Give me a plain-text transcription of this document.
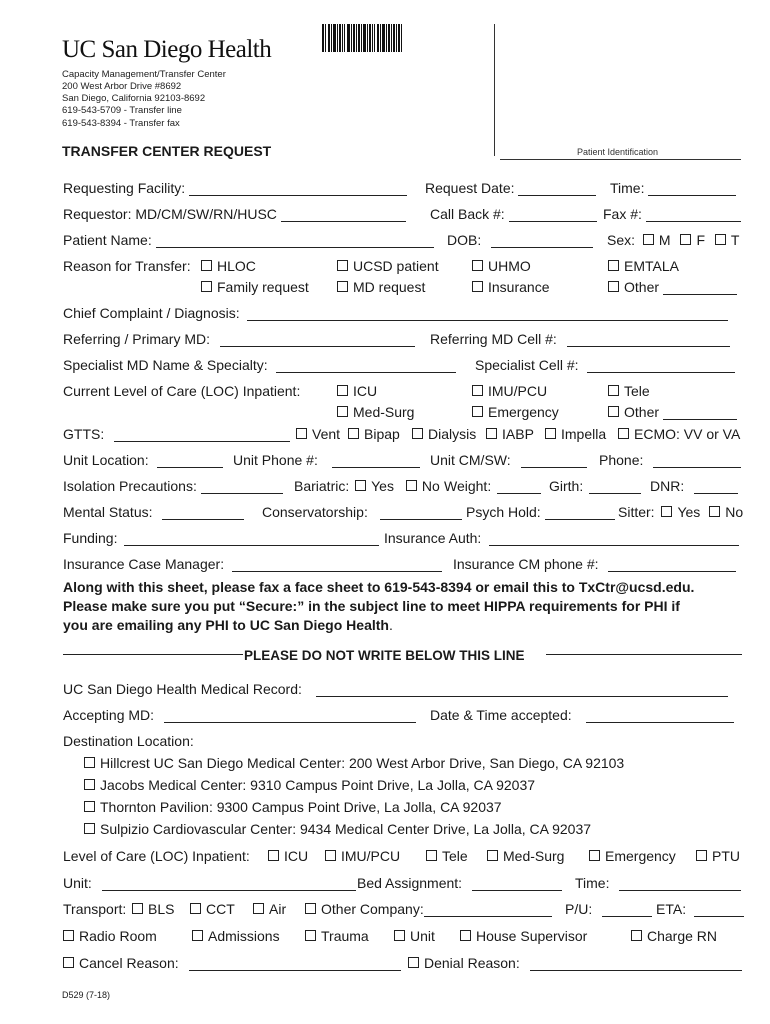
UC San Diego Health
Capacity Management/Transfer Center
200 West Arbor Drive #8692
San Diego, California 92103-8692
619-543-5709 - Transfer line
619-543-8394 - Transfer fax
TRANSFER CENTER REQUEST	Patient Identification
Requesting Facility:	Request Date:	Time:
Requestor: MD/CM/SW/RN/HUSC	Call Back #:	Fax #:
Patient Name:	DOB:	Sex: M F T
Reason for Transfer:	HLOC	UCSD patient	UHMO	EMTALA
Family request	MD request	Insurance	Other
Chief Complaint / Diagnosis:
Referring / Primary MD:	Referring MD Cell #:
Specialist MD Name & Specialty:	Specialist Cell #:
Current Level of Care (LOC) Inpatient:	ICU	IMU/PCU	Tele
Med-Surg	Emergency	Other
GTTS:	Vent	Bipap	Dialysis	IABP	Impella	ECMO: VV or VA
Unit Location:	Unit Phone #:	Unit CM/SW:	Phone:
Isolation Precautions:	Bariatric: Yes No Weight:	Girth:	DNR:
Mental Status:	Conservatorship:	Psych Hold:	Sitter: Yes No
Funding:	Insurance Auth:
Insurance Case Manager:	Insurance CM phone #:
Along with this sheet, please fax a face sheet to 619-543-8394 or email this to TxCtr@ucsd.edu.
Please make sure you put “Secure:” in the subject line to meet HIPPA requirements for PHI if
you are emailing any PHI to UC San Diego Health.
PLEASE DO NOT WRITE BELOW THIS LINE
UC San Diego Health Medical Record:
Accepting MD:	Date & Time accepted:
Destination Location:
Hillcrest UC San Diego Medical Center: 200 West Arbor Drive, San Diego, CA 92103
Jacobs Medical Center: 9310 Campus Point Drive, La Jolla, CA 92037
Thornton Pavilion: 9300 Campus Point Drive, La Jolla, CA 92037
Sulpizio Cardiovascular Center: 9434 Medical Center Drive, La Jolla, CA 92037
Level of Care (LOC) Inpatient:	ICU	IMU/PCU	Tele	Med-Surg	Emergency	PTU
Unit:	Bed Assignment:	Time:
Transport:	BLS	CCT	Air	Other Company:	P/U:	ETA:
Radio Room	Admissions	Trauma	Unit	House Supervisor	Charge RN
Cancel Reason:	Denial Reason:
D529 (7-18)
